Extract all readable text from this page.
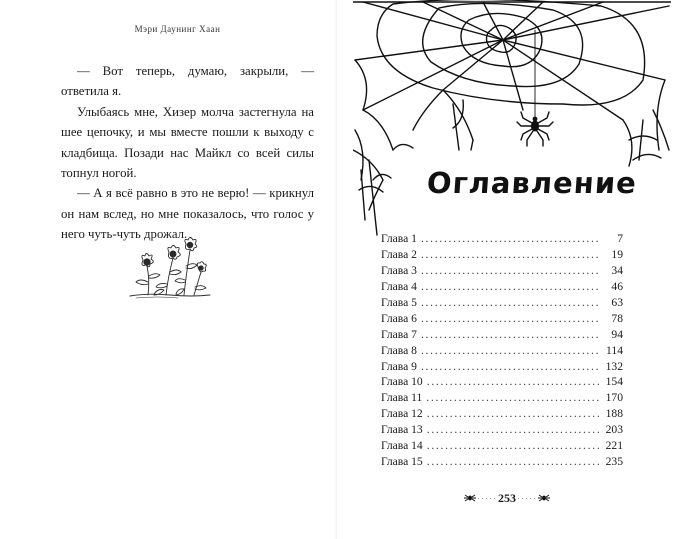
Мэри Даунинг Хаан

— Вот теперь, думаю, закрыли, — ответила я.

Улыбаясь мне, Хизер молча застегнула на шее цепочку, и мы вместе пошли к выходу с кладбища. Позади нас Майкл со всей силы топнул ногой.

— А я всё равно в это не верю! — крикнул он нам вслед, но мне показалось, что голос у него чуть-чуть дрожал.

Оглавление
Глава 1 . . .	7
Глава 2 . . .	19
Глава 3 . . .	34
Глава 4 . . .	46
Глава 5 . . .	63
Глава 6 . . .	78
Глава 7 . . .	94
Глава 8 . . .	114
Глава 9 . . .	132
Глава 10 . . .	154
Глава 11 . . .	170
Глава 12 . . .	188
Глава 13 . . .	203
Глава 14 . . .	221
Глава 15 . . .	235
. . . . . 253 . . . . .
